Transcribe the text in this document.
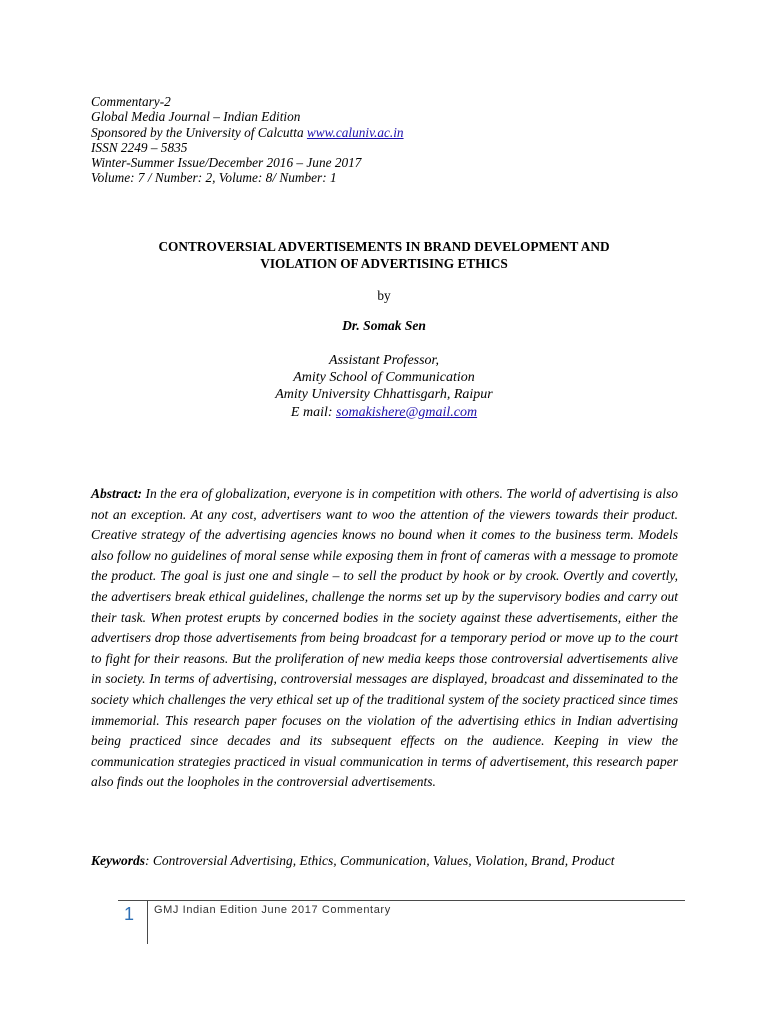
Commentary-2
Global Media Journal – Indian Edition
Sponsored by the University of Calcutta www.caluniv.ac.in
ISSN 2249 – 5835
Winter-Summer Issue/December 2016 – June 2017
Volume: 7 / Number: 2, Volume: 8/ Number: 1
CONTROVERSIAL ADVERTISEMENTS IN BRAND DEVELOPMENT AND
VIOLATION OF ADVERTISING ETHICS
by
Dr. Somak Sen
Assistant Professor,
Amity School of Communication
Amity University Chhattisgarh, Raipur
E mail: somakishere@gmail.com
Abstract: In the era of globalization, everyone is in competition with others. The world of advertising is also not an exception. At any cost, advertisers want to woo the attention of the viewers towards their product. Creative strategy of the advertising agencies knows no bound when it comes to the business term. Models also follow no guidelines of moral sense while exposing them in front of cameras with a message to promote the product. The goal is just one and single – to sell the product by hook or by crook. Overtly and covertly, the advertisers break ethical guidelines, challenge the norms set up by the supervisory bodies and carry out their task. When protest erupts by concerned bodies in the society against these advertisements, either the advertisers drop those advertisements from being broadcast for a temporary period or move up to the court to fight for their reasons. But the proliferation of new media keeps those controversial advertisements alive in society. In terms of advertising, controversial messages are displayed, broadcast and disseminated to the society which challenges the very ethical set up of the traditional system of the society practiced since times immemorial. This research paper focuses on the violation of the advertising ethics in Indian advertising being practiced since decades and its subsequent effects on the audience. Keeping in view the communication strategies practiced in visual communication in terms of advertisement, this research paper also finds out the loopholes in the controversial advertisements.
Keywords: Controversial Advertising, Ethics, Communication, Values, Violation, Brand, Product
1 GMJ Indian Edition June 2017 Commentary
